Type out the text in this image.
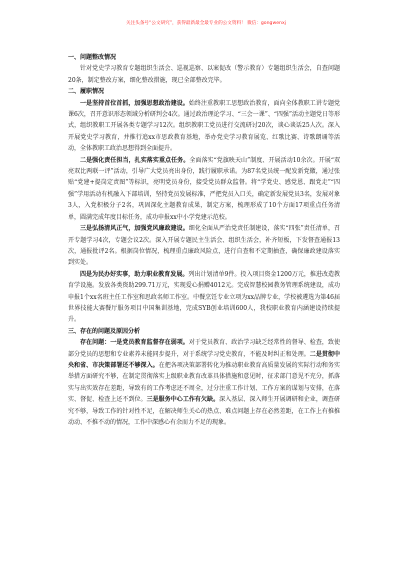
关注头条号“公文研究”，获得最新最全最专业的公文资料！ 微信：gongwenxj

一、问题整改情况

针对党史学习教育专题组织生活会、巡视巡察、以案促改（警示教育）专题组织生活会，自查问题20条，制定整改方案，细化整改措施，现已全部整改完毕。

二、履职情况

一是坚持首位首抓，加强思想政治建设。始终注重教职工思想政治教育，面向全体教职工讲专题党课6次，召开意识形态领域分析研判会4次。通过政治理论学习、“三会一课”、“四强”活动主题党日等形式，组织教职工开展各类专题学习12次。组织教职工党员进行交流研讨20次，谈心谈话25人次。深入开展党史学习教育，并推行追xx市思政教育基地，举办党史学习教育展览、红歌比赛、诗歌朗诵等活动，全体教职工政治思想得到全面提升。

二是强化责任担当，扎实落实重点任务。全面落实“党旗映天山”制度、开展活动10余次。开展“双亮双比两联一评”活动，引导广大党员亮出身份，践行履职承诺。为87名党员统一配发新党徽，通过张贴“党建+提岗定责图”等标识，亮明党员身份，接受党员群众监督。将“学党史、感党恩、跟党走”“四强”学用活动有机融入下部培训，坚持党员发展标准，严把党员入口关，确定新发展党员3名，发展对象3人，入党积极分子2名，巩固深化主题教育成果，制定方案，梳理形成了10个方面17项重点任务清单，圆满完成年度目标任务，成功申报xx中小学党建示范校。

三是弘扬清风正气，加强党风廉政建设。细化全面从严治党责任制建设，落实“四张”责任清单，召开专题学习4次，专题会议2次。深入开展专题民主生活会、组织生活会，补齐短板，下发督查通报13次，通报批评2名。根据岗位情况，梳理重点廉政风险点，进行自查和不定期抽查，确保廉政建设落实到实处。

四是为民办好实事，助力职业教育发展。列出计划清单9件。投入项目资金1200万元，推进改造教育学设施。发放各类资助299.71万元，实现爱心捐赠4012元。完成智慧校园教务管理系统建设，成功申报1个xx名班主任工作室和思政名师工作室。中餐烹饪专业立项为xx品牌专业，学校被遴选为第46届世界技能大赛餐厅服务项目中国集训基地，完成SYB创业培训600人，我校职业教育内涵建设持续提升。

三、存在的问题及原因分析

存在问题：一是党员教育监督存在弱项。对于党员教育、政治学习缺乏经常性的督导、检查，致使部分党员的思想和专业素养未能同步提升，对于系统学习党史教育，不能及时纠正和处理。二是贯彻中央和省、市决策部署还不够深入。在把各项决策部署转化为推动职业教育高质量发展的实际行动和务实举措方面研究不够，在制定贯彻落实上级职业教育改革具体措施和意见时，征求部门意见不充分，抓落实与出实效存在差距，导致有的工作考虑还不周全，过分注重工作计划、工作方案的谋划与安排，在落实、督促、检查上还不到位。三是服务中心工作有欠缺。深入基层、深入师生开展调研和企业，调查研究不够，导致工作的针对性不足，在解决师生关心的热点、难点问题上存在必然差距，在工作上有推推动动、不推不动的情况，工作中深感心有余而力不足的现象。
